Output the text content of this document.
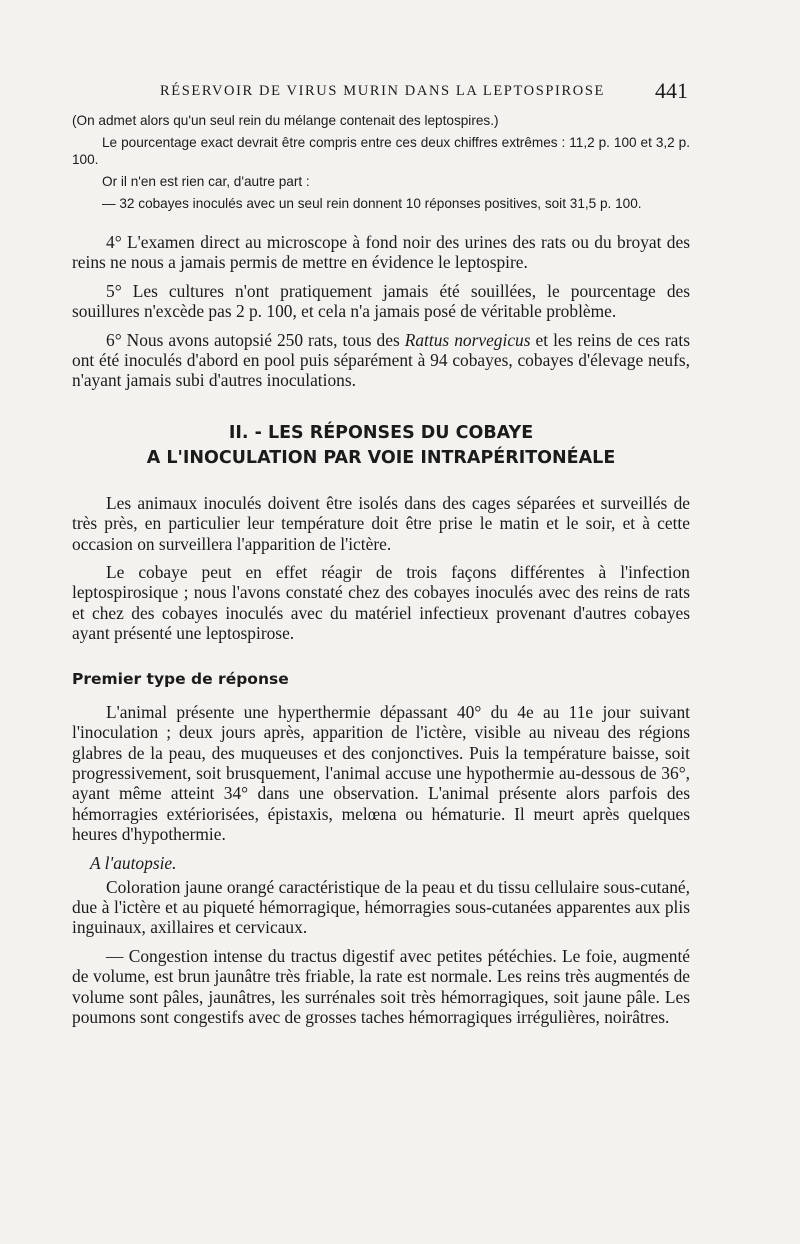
RÉSERVOIR DE VIRUS MURIN DANS LA LEPTOSPIROSE 441

(On admet alors qu'un seul rein du mélange contenait des leptospires.)

Le pourcentage exact devrait être compris entre ces deux chiffres extrêmes : 11,2 p. 100 et 3,2 p. 100.

Or il n'en est rien car, d'autre part :

— 32 cobayes inoculés avec un seul rein donnent 10 réponses positives, soit 31,5 p. 100.

4° L'examen direct au microscope à fond noir des urines des rats ou du broyat des reins ne nous a jamais permis de mettre en évidence le leptospire.

5° Les cultures n'ont pratiquement jamais été souillées, le pourcentage des souillures n'excède pas 2 p. 100, et cela n'a jamais posé de véritable problème.

6° Nous avons autopsié 250 rats, tous des Rattus norvegicus et les reins de ces rats ont été inoculés d'abord en pool puis séparément à 94 cobayes, cobayes d'élevage neufs, n'ayant jamais subi d'autres inoculations.

II. - LES RÉPONSES DU COBAYE
A L'INOCULATION PAR VOIE INTRAPÉRITONÉALE

Les animaux inoculés doivent être isolés dans des cages séparées et surveillés de très près, en particulier leur température doit être prise le matin et le soir, et à cette occasion on surveillera l'apparition de l'ictère.

Le cobaye peut en effet réagir de trois façons différentes à l'infection leptospirosique ; nous l'avons constaté chez des cobayes inoculés avec des reins de rats et chez des cobayes inoculés avec du matériel infectieux provenant d'autres cobayes ayant présenté une leptospirose.

Premier type de réponse

L'animal présente une hyperthermie dépassant 40° du 4e au 11e jour suivant l'inoculation ; deux jours après, apparition de l'ictère, visible au niveau des régions glabres de la peau, des muqueuses et des conjonctives. Puis la température baisse, soit progressivement, soit brusquement, l'animal accuse une hypothermie au-dessous de 36°, ayant même atteint 34° dans une observation. L'animal présente alors parfois des hémorragies extériorisées, épistaxis, melœna ou hématurie. Il meurt après quelques heures d'hypothermie.

A l'autopsie.

Coloration jaune orangé caractéristique de la peau et du tissu cellulaire sous-cutané, due à l'ictère et au piqueté hémorragique, hémorragies sous-cutanées apparentes aux plis inguinaux, axillaires et cervicaux.

— Congestion intense du tractus digestif avec petites pétéchies. Le foie, augmenté de volume, est brun jaunâtre très friable, la rate est normale. Les reins très augmentés de volume sont pâles, jaunâtres, les surrénales soit très hémorragiques, soit jaune pâle. Les poumons sont congestifs avec de grosses taches hémorragiques irrégulières, noirâtres.
